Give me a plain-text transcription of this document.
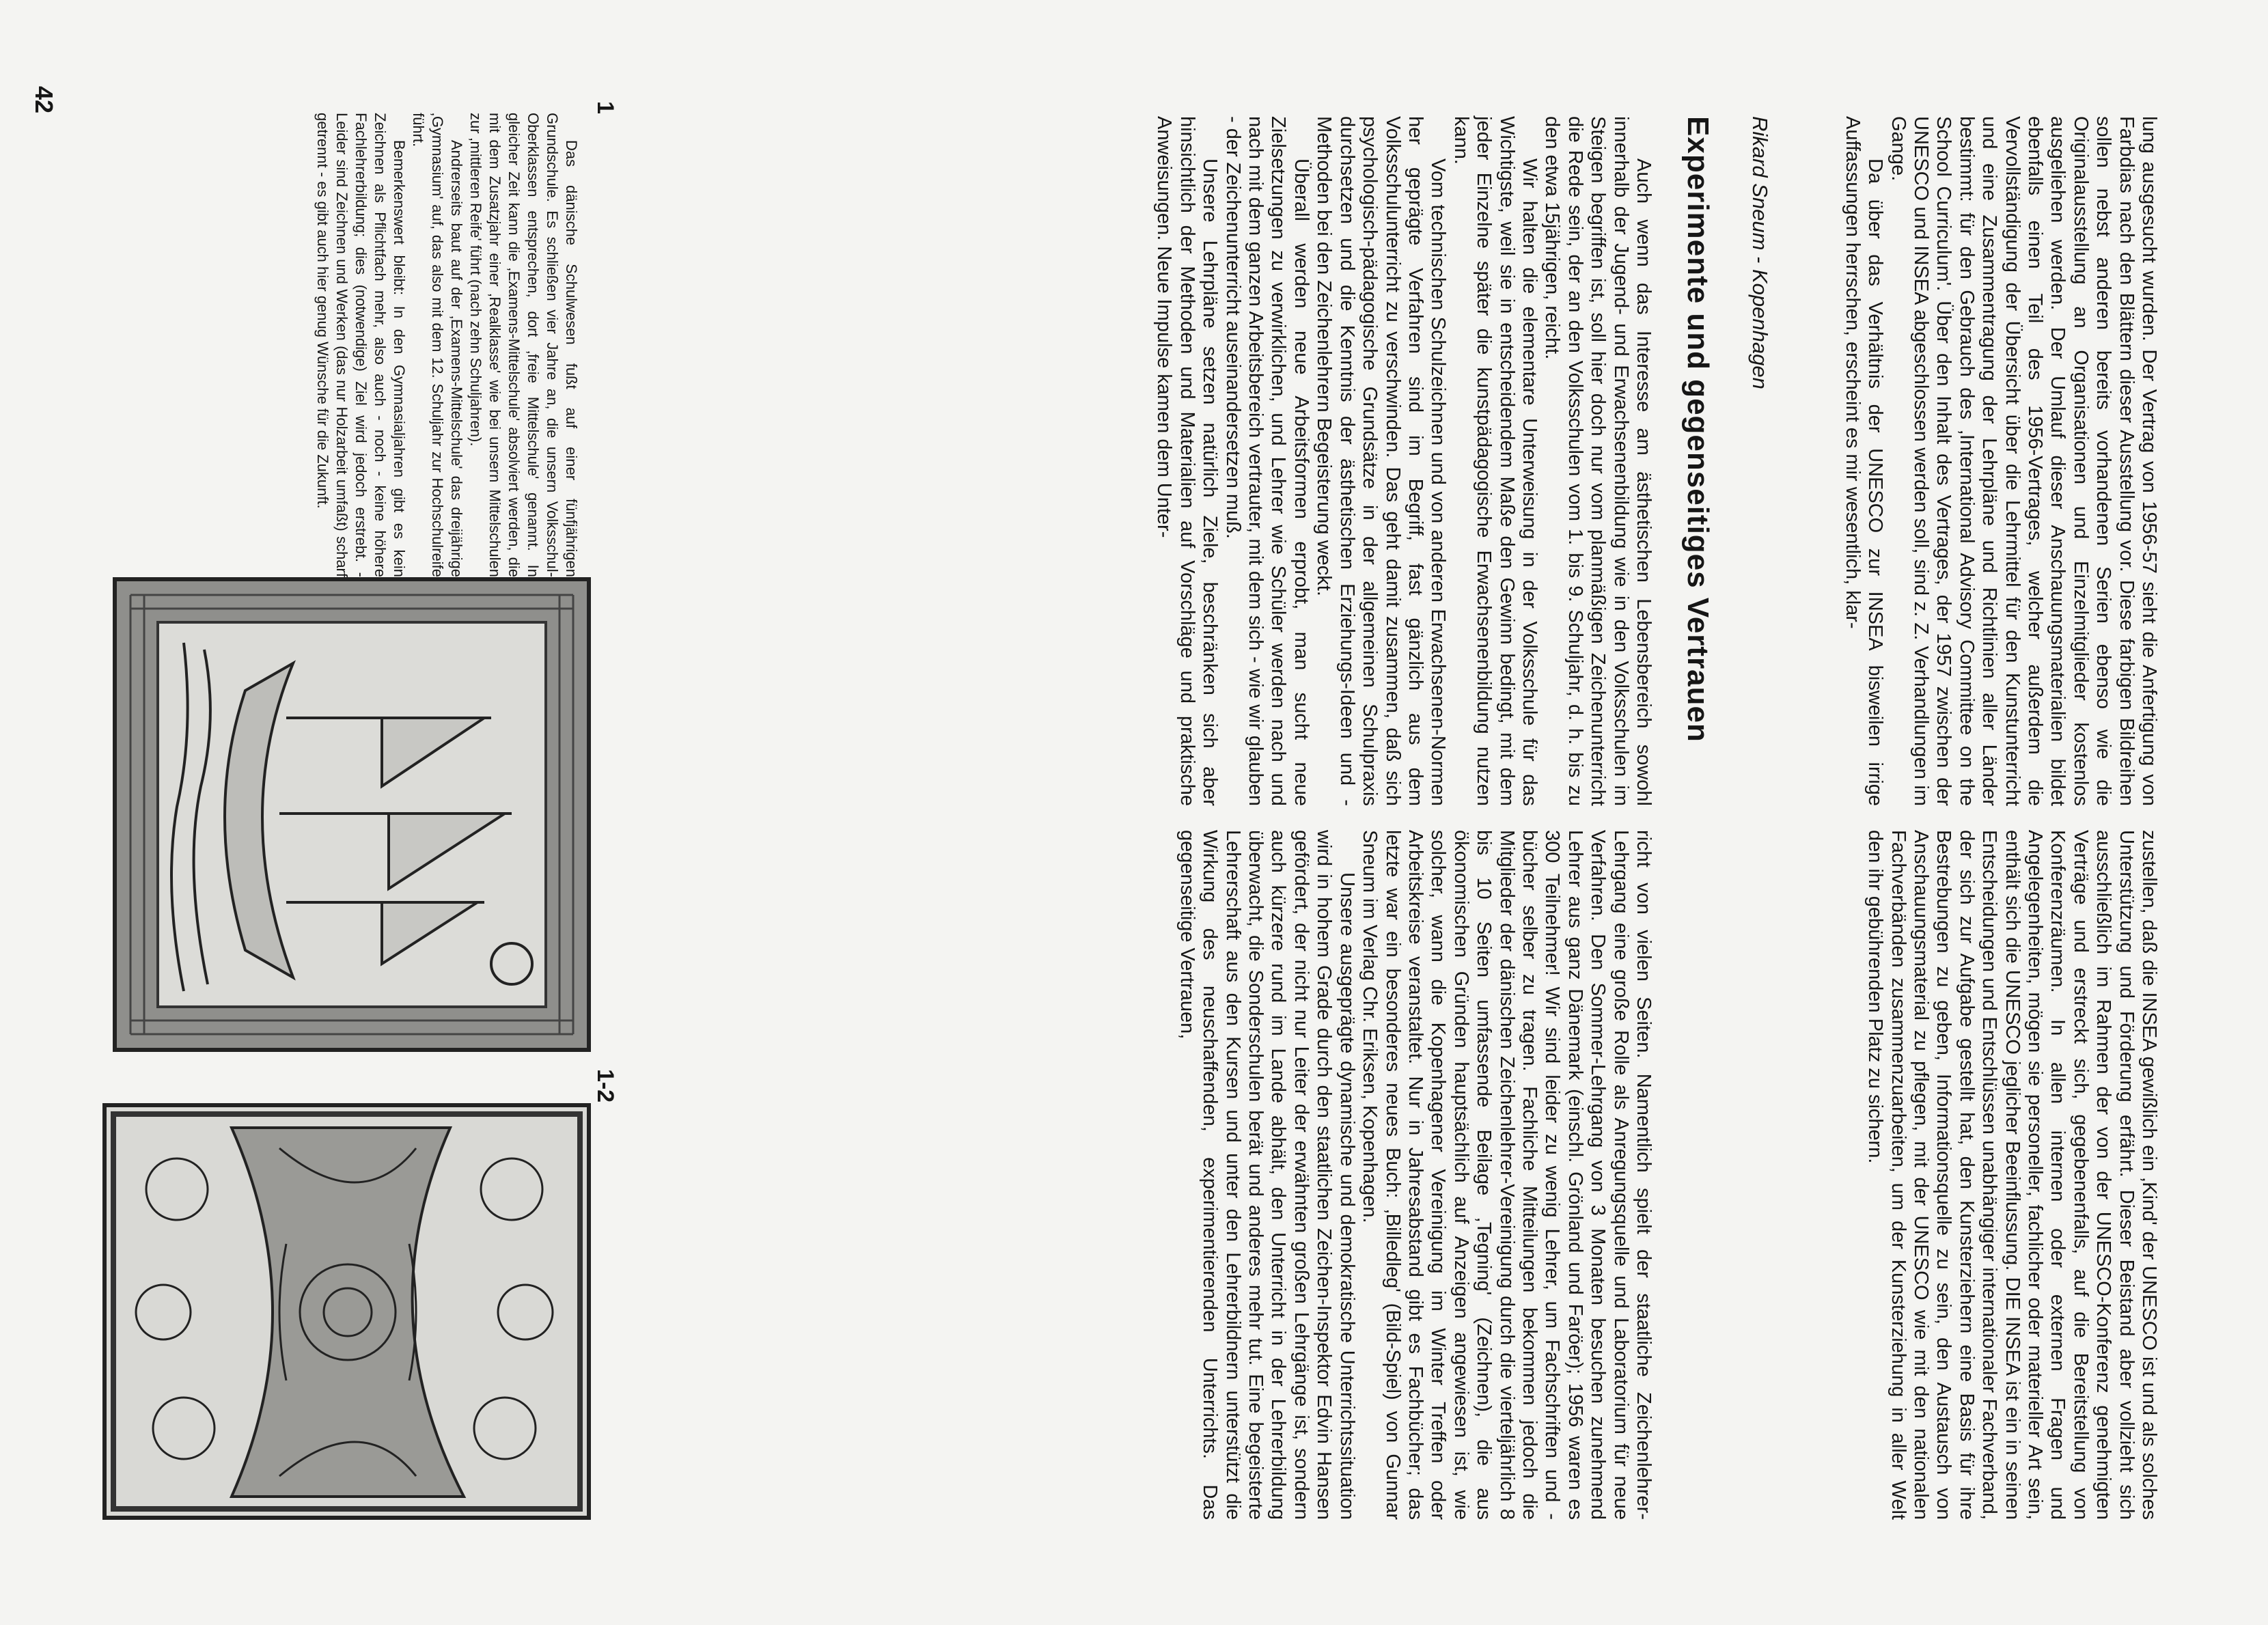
lung ausgesucht wurden. Der Vertrag von 1956-57 sieht die Anfertigung von Farbdias nach den Blättern dieser Ausstellung vor. Diese farbigen Bildreihen sollen nebst anderen bereits vorhandenen Serien ebenso wie die Originalausstellung an Organisationen und Einzelmitglieder kostenlos ausgeliehen werden. Der Umlauf dieser Anschauungsmaterialien bildet ebenfalls einen Teil des 1956-Vertrages, welcher außerdem die Vervollständigung der Übersicht über die Lehrmittel für den Kunstunterricht und eine Zusammentragung der Lehrpläne und Richtlinien aller Länder bestimmt: für den Gebrauch des ‚International Advisory Committee on the School Curriculum'. Über den Inhalt des Vertrages, der 1957 zwischen der UNESCO und INSEA abgeschlossen werden soll, sind z. Z. Verhandlungen im Gange.

Da über das Verhältnis der UNESCO zur INSEA bisweilen irrige Auffassungen herrschen, erscheint es mir wesentlich, klar-

zustellen, daß die INSEA gewißlich ein ‚Kind' der UNESCO ist und als solches Unterstützung und Förderung erfährt. Dieser Beistand aber vollzieht sich ausschließlich im Rahmen der von der UNESCO-Konferenz genehmigten Verträge und erstreckt sich, gegebenenfalls, auf die Bereitstellung von Konferenzräumen. In allen internen oder externen Fragen und Angelegenheiten, mögen sie personeller, fachlicher oder materieller Art sein, enthält sich die UNESCO jeglicher Beeinflussung. DIE INSEA ist ein in seinen Entscheidungen und Entschlüssen unabhängiger internationaler Fachverband, der sich zur Aufgabe gestellt hat, den Kunsterziehern eine Basis für ihre Bestrebungen zu geben, Informationsquelle zu sein, den Austausch von Anschauungsmaterial zu pflegen, mit der UNESCO wie mit den nationalen Fachverbänden zusammenzuarbeiten, um der Kunsterziehung in aller Welt den ihr gebührenden Platz zu sichern.

Rikard Sneum - Kopenhagen
Experimente und gegenseitiges Vertrauen

Auch wenn das Interesse am ästhetischen Lebensbereich sowohl innerhalb der Jugend- und Erwachsenenbildung wie in den Volksschulen im Steigen begriffen ist, soll hier doch nur vom planmäßigen Zeichenunterricht die Rede sein, der an den Volksschulen vom 1. bis 9. Schuljahr, d. h. bis zu den etwa 15jährigen, reicht.

Wir halten die elementare Unterweisung in der Volksschule für das Wichtigste, weil sie in entscheidendem Maße den Gewinn bedingt, mit dem jeder Einzelne später die kunstpädagogische Erwachsenenbildung nutzen kann.

Vom technischen Schulzeichnen und von anderen Erwachsenen-Normen her geprägte Verfahren sind im Begriff, fast gänzlich aus dem Volksschulunterricht zu verschwinden. Das geht damit zusammen, daß sich psychologisch-pädagogische Grundsätze in der allgemeinen Schulpraxis durchsetzen und die Kenntnis der ästhetischen Erziehungs-Ideen und -Methoden bei den Zeichenlehrern Begeisterung weckt.

Überall werden neue Arbeitsformen erprobt, man sucht neue Zielsetzungen zu verwirklichen, und Lehrer wie Schüler werden nach und nach mit dem ganzen Arbeitsbereich vertrauter, mit dem sich - wie wir glauben - der Zeichenunterricht auseinandersetzen muß.

Unsere Lehrpläne setzen natürlich Ziele, beschränken sich aber hinsichtlich der Methoden und Materialien auf Vorschläge und praktische Anweisungen. Neue Impulse kamen dem Unter-

richt von vielen Seiten. Namentlich spielt der staatliche Zeichenlehrer-Lehrgang eine große Rolle als Anregungsquelle und Laboratorium für neue Verfahren. Den Sommer-Lehrgang von 3 Monaten besuchen zunehmend Lehrer aus ganz Dänemark (einschl. Grönland und Faröer); 1956 waren es 300 Teilnehmer! Wir sind leider zu wenig Lehrer, um Fachschriften und -bücher selber zu tragen. Fachliche Mitteilungen bekommen jedoch die Mitglieder der dänischen Zeichenlehrer-Vereinigung durch die vierteljährlich 8 bis 10 Seiten umfassende Beilage ‚Tegning' (Zeichnen), die aus ökonomischen Gründen hauptsächlich auf Anzeigen angewiesen ist, wie solcher, wann die Kopenhagener Vereinigung im Winter Treffen oder Arbeitskreise veranstaltet. Nur in Jahresabstand gibt es Fachbücher; das letzte war ein besonderes neues Buch: ‚Billedleg' (Bild-Spiel) von Gunnar Sneum im Verlag Chr. Eriksen, Kopenhagen.

Unsere ausgeprägte dynamische und demokratische Unterrichtssituation wird in hohem Grade durch den staatlichen Zeichen-Inspektor Edvin Hansen gefördert, der nicht nur Leiter der erwähnten großen Lehrgänge ist, sondern auch kürzere rund im Lande abhält, den Unterricht in der Lehrerbildung überwacht, die Sonderschulen berät und anderes mehr tut. Eine begeisterte Lehrerschaft aus den Kursen und unter den Lehrerbildnern unterstützt die Wirkung des neuschaffenden, experimentierenden Unterrichts. Das gegenseitige Vertrauen,

Das dänische Schulwesen fußt auf einer fünfjährigen Grundschule. Es schließen vier Jahre an, die unsern Volksschul-Oberklassen entsprechen, dort ‚freie Mittelschule' genannt. In gleicher Zeit kann die ‚Examens-Mittelschule' absolviert werden, die mit dem Zusatzjahr einer ‚Realklasse' wie bei unsern Mittelschulen zur ‚mittleren Reife' führt (nach zehn Schuljahren).

Andrerseits baut auf der ‚Examens-Mittelschule' das dreijährige ‚Gymnasium' auf, das also mit dem 12. Schuljahr zur Hochschulreife führt.

Bemerkenswert bleibt: In den Gymnasialjahren gibt es kein Zeichnen als Pflichtfach mehr, also auch - noch - keine höhere Fachlehrerbildung; dies (notwendige) Ziel wird jedoch erstrebt. - Leider sind Zeichnen und Werken (das nur Holzarbeit umfaßt) scharf getrennt - es gibt auch hier genug Wünsche für die Zukunft.

1
1-2
42
